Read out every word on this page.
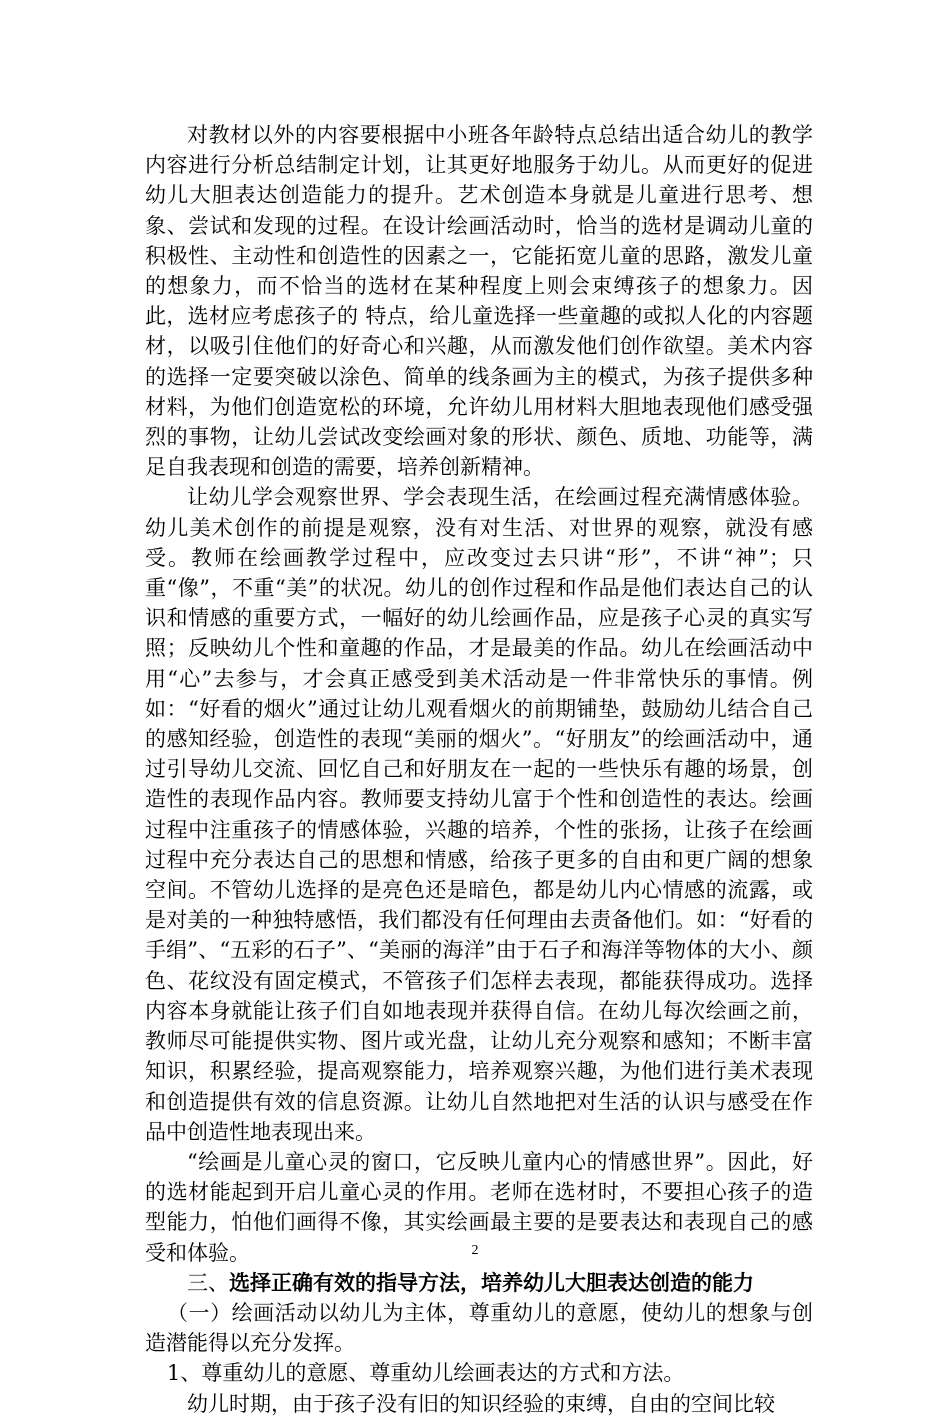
对教材以外的内容要根据中小班各年龄特点总结出适合幼儿的教学内容进行分析总结制定计划，让其更好地服务于幼儿。从而更好的促进幼儿大胆表达创造能力的提升。艺术创造本身就是儿童进行思考、想象、尝试和发现的过程。在设计绘画活动时，恰当的选材是调动儿童的积极性、主动性和创造性的因素之一，它能拓宽儿童的思路，激发儿童的想象力，而不恰当的选材在某种程度上则会束缚孩子的想象力。因此，选材应考虑孩子的 特点，给儿童选择一些童趣的或拟人化的内容题材，以吸引住他们的好奇心和兴趣，从而激发他们创作欲望。美术内容的选择一定要突破以涂色、简单的线条画为主的模式，为孩子提供多种材料，为他们创造宽松的环境，允许幼儿用材料大胆地表现他们感受强烈的事物，让幼儿尝试改变绘画对象的形状、颜色、质地、功能等，满足自我表现和创造的需要，培养创新精神。

让幼儿学会观察世界、学会表现生活，在绘画过程充满情感体验。幼儿美术创作的前提是观察，没有对生活、对世界的观察，就没有感受。教师在绘画教学过程中，应改变过去只讲“形”，不讲“神”；只重“像”，不重“美”的状况。幼儿的创作过程和作品是他们表达自己的认识和情感的重要方式，一幅好的幼儿绘画作品，应是孩子心灵的真实写照；反映幼儿个性和童趣的作品，才是最美的作品。幼儿在绘画活动中用“心”去参与，才会真正感受到美术活动是一件非常快乐的事情。例如：“好看的烟火”通过让幼儿观看烟火的前期铺垫，鼓励幼儿结合自己的感知经验，创造性的表现“美丽的烟火”。“好朋友”的绘画活动中，通过引导幼儿交流、回忆自己和好朋友在一起的一些快乐有趣的场景，创造性的表现作品内容。教师要支持幼儿富于个性和创造性的表达。绘画过程中注重孩子的情感体验，兴趣的培养，个性的张扬，让孩子在绘画过程中充分表达自己的思想和情感，给孩子更多的自由和更广阔的想象空间。不管幼儿选择的是亮色还是暗色，都是幼儿内心情感的流露，或是对美的一种独特感悟，我们都没有任何理由去责备他们。如：“好看的手绢”、“五彩的石子”、“美丽的海洋”由于石子和海洋等物体的大小、颜色、花纹没有固定模式，不管孩子们怎样去表现，都能获得成功。选择内容本身就能让孩子们自如地表现并获得自信。在幼儿每次绘画之前，教师尽可能提供实物、图片或光盘，让幼儿充分观察和感知；不断丰富知识，积累经验，提高观察能力，培养观察兴趣，为他们进行美术表现和创造提供有效的信息资源。让幼儿自然地把对生活的认识与感受在作品中创造性地表现出来。

“绘画是儿童心灵的窗口，它反映儿童内心的情感世界”。因此，好的选材能起到开启儿童心灵的作用。老师在选材时，不要担心孩子的造型能力，怕他们画得不像，其实绘画最主要的是要表达和表现自己的感受和体验。

三、选择正确有效的指导方法，培养幼儿大胆表达创造的能力

（一）绘画活动以幼儿为主体，尊重幼儿的意愿，使幼儿的想象与创造潜能得以充分发挥。

1、尊重幼儿的意愿、尊重幼儿绘画表达的方式和方法。

幼儿时期，由于孩子没有旧的知识经验的束缚，自由的空间比较

2
